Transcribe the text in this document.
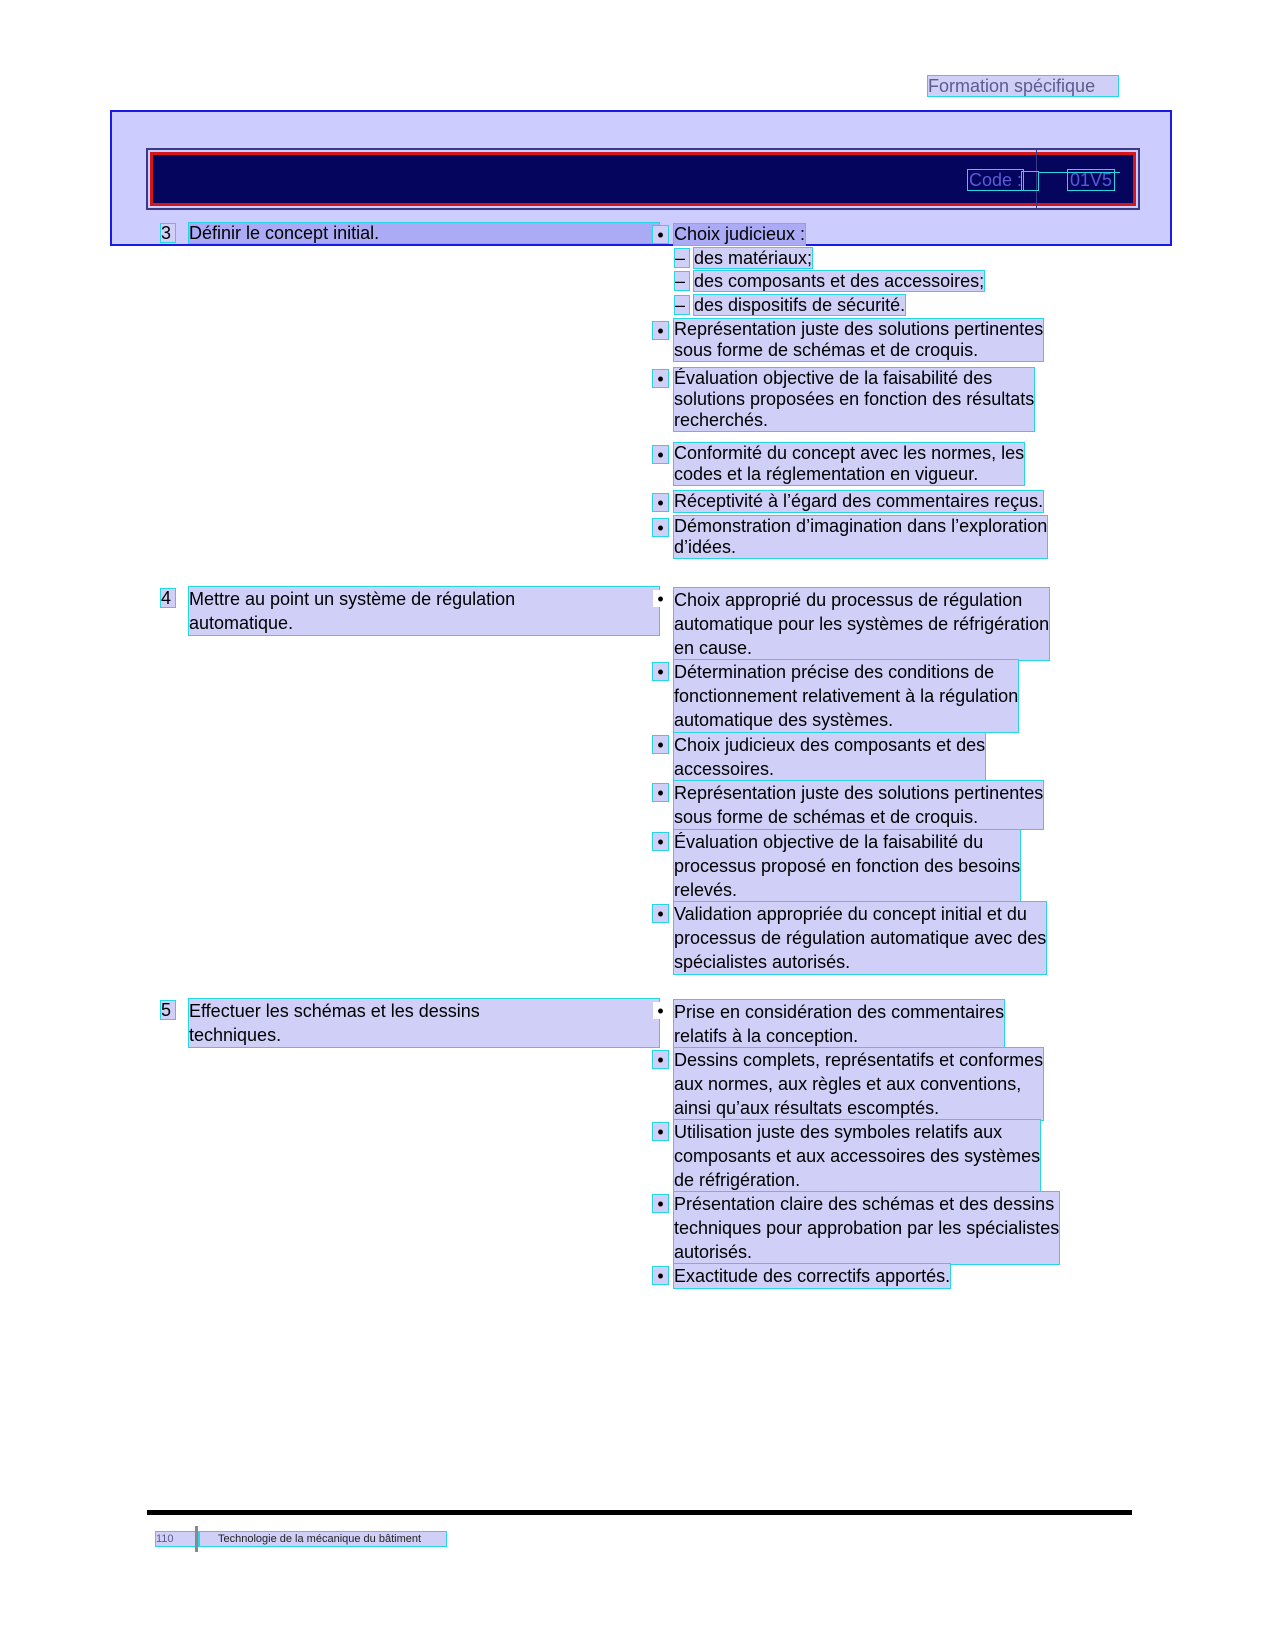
Formation spécifique
Code :	01V5
3 Définir le concept initial.	• Choix judicieux :
– des matériaux;
– des composants et des accessoires;
– des dispositifs de sécurité.
• Représentation juste des solutions pertinentes
sous forme de schémas et de croquis.
• Évaluation objective de la faisabilité des
solutions proposées en fonction des résultats
recherchés.
• Conformité du concept avec les normes, les
codes et la réglementation en vigueur.
• Réceptivité à l’égard des commentaires reçus.
• Démonstration d’imagination dans l’exploration
d’idées.
4 Mettre au point un système de régulation
automatique.
• Choix approprié du processus de régulation
automatique pour les systèmes de réfrigération
en cause.
• Détermination précise des conditions de
fonctionnement relativement à la régulation
automatique des systèmes.
• Choix judicieux des composants et des
accessoires.
• Représentation juste des solutions pertinentes
sous forme de schémas et de croquis.
• Évaluation objective de la faisabilité du
processus proposé en fonction des besoins
relevés.
• Validation appropriée du concept initial et du
processus de régulation automatique avec des
spécialistes autorisés.
5 Effectuer les schémas et les dessins
techniques.
• Prise en considération des commentaires
relatifs à la conception.
• Dessins complets, représentatifs et conformes
aux normes, aux règles et aux conventions,
ainsi qu’aux résultats escomptés.
• Utilisation juste des symboles relatifs aux
composants et aux accessoires des systèmes
de réfrigération.
• Présentation claire des schémas et des dessins
techniques pour approbation par les spécialistes
autorisés.
• Exactitude des correctifs apportés.
110	Technologie de la mécanique du bâtiment
